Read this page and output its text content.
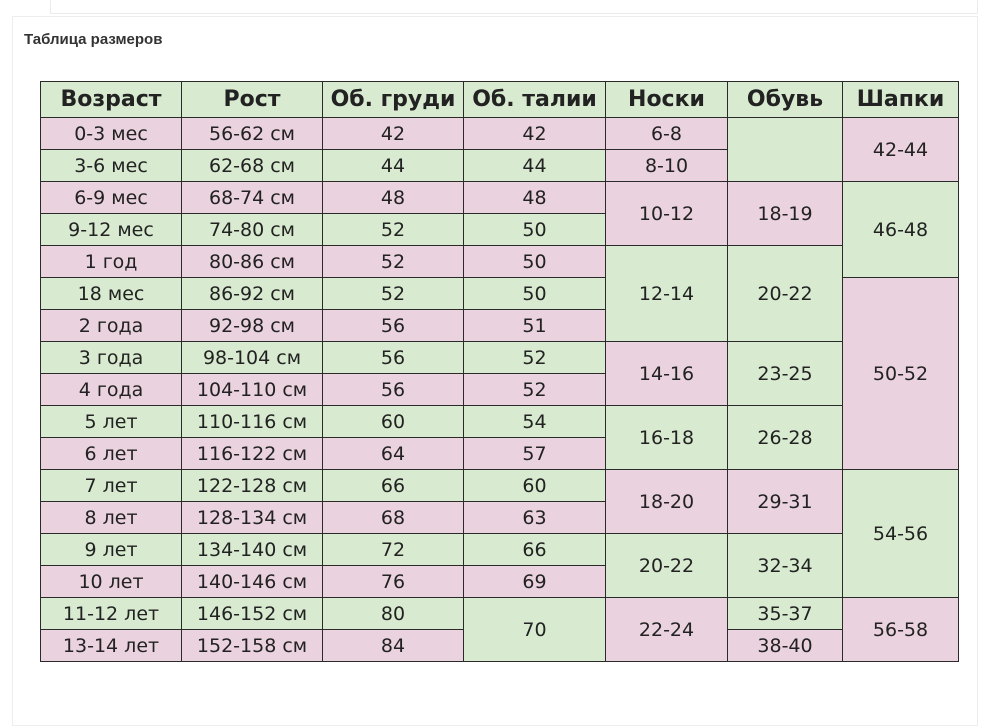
Таблица размеров
Возраст	Рост	Об. груди	Об. талии	Носки	Обувь	Шапки
0-3 мес	56-62 см	42	42	6-8		42-44
3-6 мес	62-68 см	44	44	8-10		
6-9 мес	68-74 см	48	48	10-12	18-19	46-48
9-12 мес	74-80 см	52	50			
1 год	80-86 см	52	50	12-14	20-22	
18 мес	86-92 см	52	50			50-52
2 года	92-98 см	56	51			
3 года	98-104 см	56	52	14-16	23-25	
4 года	104-110 см	56	52			
5 лет	110-116 см	60	54	16-18	26-28	
6 лет	116-122 см	64	57			
7 лет	122-128 см	66	60	18-20	29-31	54-56
8 лет	128-134 см	68	63			
9 лет	134-140 см	72	66	20-22	32-34	
10 лет	140-146 см	76	69			
11-12 лет	146-152 см	80	70	22-24	35-37	56-58
13-14 лет	152-158 см	84			38-40	
